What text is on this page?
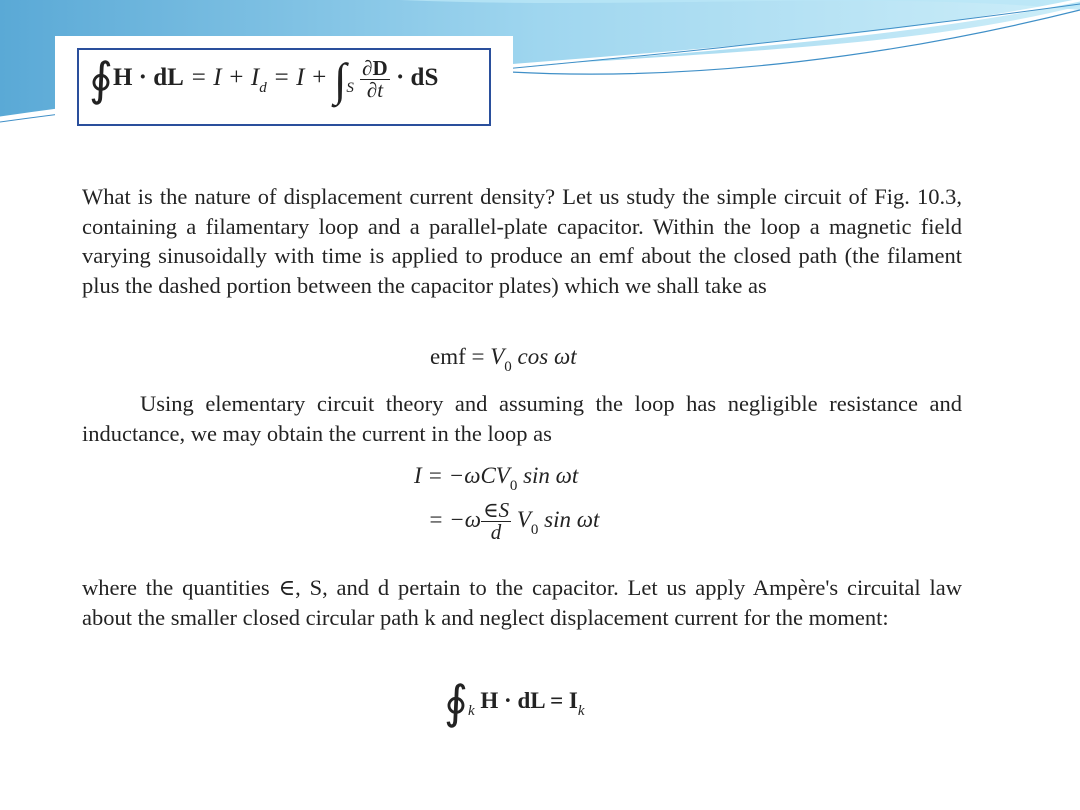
∮H · dL = $I + I_d = I + \int_S \frac{\partial D}{\partial t}$ · dS

What is the nature of displacement current density? Let us study the simple circuit of Fig. 10.3, containing a filamentary loop and a parallel-plate capacitor. Within the loop a magnetic field varying sinusoidally with time is applied to produce an emf about the closed path (the filament plus the dashed portion between the capacitor plates) which we shall take as

emf = $V_0$ cos ωt

Using elementary circuit theory and assuming the loop has negligible resistance and inductance, we may obtain the current in the loop as

I = −ωCV$_0$ sin ωt
= $-\omega \frac{\in S}{d} V_0$ sin ωt

where the quantities ∈, S, and d pertain to the capacitor. Let us apply Ampère's circuital law about the smaller closed circular path k and neglect displacement current for the moment:

$∮_k$ H · dL = $I_k$
